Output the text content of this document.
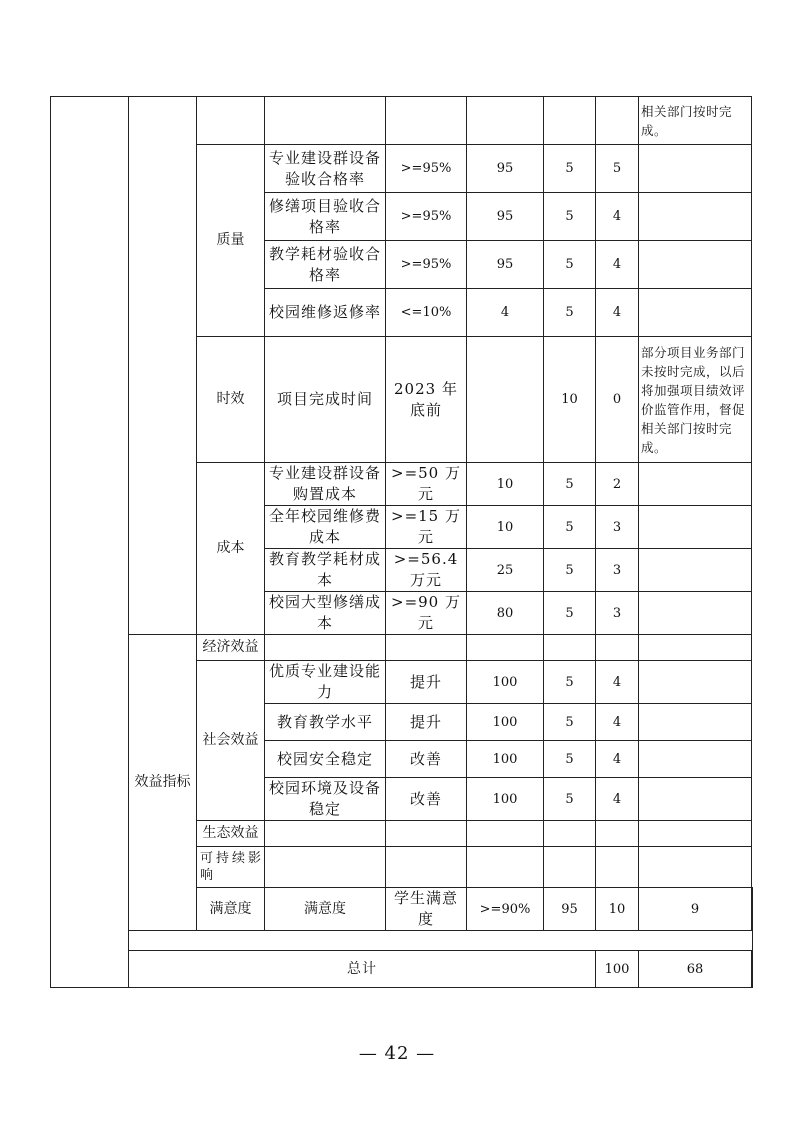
								相关部门按时完成。	
		质量	专业建设群设备验收合格率	>=95%	95	5	5		
			修缮项目验收合格率	>=95%	95	5	4		
			教学耗材验收合格率	>=95%	95	5	4		
			校园维修返修率	<=10%	4	5	4		
		时效	项目完成时间	2023 年底前		10	0	部分项目业务部门未按时完成，以后将加强项目绩效评价监管作用，督促相关部门按时完成。	
		成本	专业建设群设备购置成本	>=50 万元	10	5	2		
			全年校园维修费成本	>=15 万元	10	5	3		
			教育教学耗材成本	>=56.4 万元	25	5	3		
			校园大型修缮成本	>=90 万元	80	5	3		
	效益指标	经济效益							
		社会效益	优质专业建设能力	提升	100	5	4		
			教育教学水平	提升	100	5	4		
			校园安全稳定	改善	100	5	4		
			校园环境及设备稳定	改善	100	5	4		
		生态效益							
		可持续影响							
		满意度	满意度	学生满意度	>=90%	95	10	9	

	总计						100	68	
— 42 —
